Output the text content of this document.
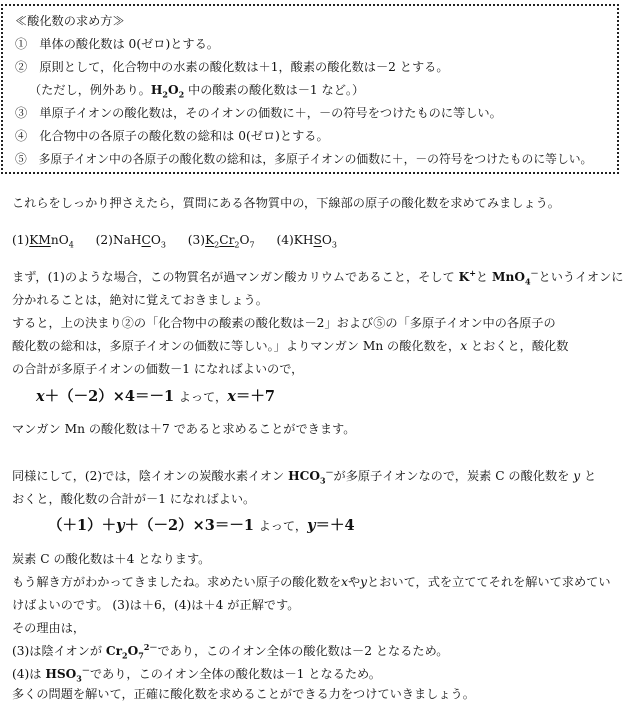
≪酸化数の求め方≫
①　単体の酸化数は 0(ゼロ)とする。
②　原則として，化合物中の水素の酸化数は＋1，酸素の酸化数は－2 とする。
（ただし，例外あり。$H_2O_2$ 中の酸素の酸化数は－1 など。）
③　単原子イオンの酸化数は，そのイオンの価数に＋，－の符号をつけたものに等しい。
④　化合物中の各原子の酸化数の総和は 0(ゼロ)とする。
⑤　多原子イオン中の各原子の酸化数の総和は，多原子イオンの価数に＋，－の符号をつけたものに等しい。
これらをしっかり押さえたら，質問にある各物質中の，下線部の原子の酸化数を求めてみましょう。
(1)KMnO$_4$ (2)NaHCO$_3$ $(3)K_2Cr_2O_7$ $(4)KHSO_3$
まず，(1)のような場合，この物質名が過マンガン酸カリウムであること，そして K+と MnO$_4$－というイオンに
分かれることは，絶対に覚えておきましょう。
すると，上の決まり②の「化合物中の酸素の酸化数は－2」および⑤の「多原子イオン中の各原子の
酸化数の総和は，多原子イオンの価数に等しい。」よりマンガン Mn の酸化数を，x とおくと，酸化数
の合計が多原子イオンの価数－1 になればよいので，
x＋（－2）×4＝－1 よって，x＝＋7
マンガン Mn の酸化数は＋7 であると求めることができます。
同様にして，(2)では，陰イオンの炭酸水素イオン $HCO_3^-$が多原子イオンなので，炭素 C の酸化数を y と
おくと，酸化数の合計が－1 になればよい。
（＋1）＋y＋（－2）×3＝－1 よって，y＝＋4
炭素 C の酸化数は＋4 となります。
もう解き方がわかってきましたね。求めたい原子の酸化数をxやyとおいて，式を立ててそれを解いて求めてい
けばよいのです。 (3)は＋6，(4)は＋4 が正解です。
その理由は，
(3)は陰イオンが $Cr_2O_7^{2-}$であり，このイオン全体の酸化数は－2 となるため。
(4)は $HSO_3^-$であり，このイオン全体の酸化数は－1 となるため。
多くの問題を解いて，正確に酸化数を求めることができる力をつけていきましょう。
